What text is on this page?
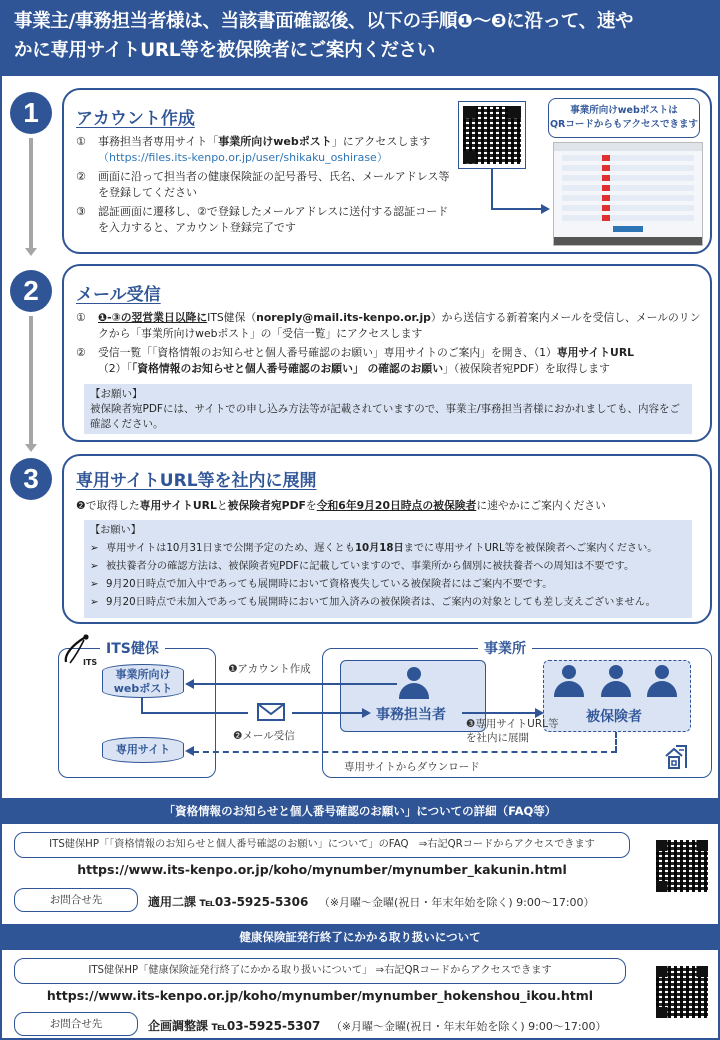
事業主/事務担当者様は、当該書面確認後、以下の手順❶～❸に沿って、速や
かに専用サイトURL等を被保険者にご案内ください
1
2
3
アカウント作成
①	事務担当者専用サイト「事業所向けwebポスト」にアクセスします
（https://files.its-kenpo.or.jp/user/shikaku_oshirase）
②	画面に沿って担当者の健康保険証の記号番号、氏名、メールアドレス等を登録してください
③	認証画面に遷移し、②で登録したメールアドレスに送付する認証コードを入力すると、アカウント登録完了です
事業所向けwebポストは
QRコードからもアクセスできます
メール受信
①	❶-③の翌営業日以降にITS健保（noreply@mail.its-kenpo.or.jp）から送信する新着案内メールを受信し、メールのリンクから「事業所向けwebポスト」の「受信一覧」にアクセスします
②	受信一覧「「資格情報のお知らせと個人番号確認のお願い」専用サイトのご案内」を開き、（1）専用サイトURL
（2）「「資格情報のお知らせと個人番号確認のお願い」 の確認のお願い」（被保険者宛PDF）を取得します
【お願い】
被保険者宛PDFには、サイトでの申し込み方法等が記載されていますので、事業主/事務担当者様におかれましても、内容をご確認ください。
専用サイトURL等を社内に展開
❷で取得した専用サイトURLと被保険者宛PDFを令和6年9月20日時点の被保険者に速やかにご案内ください
【お願い】
➢ 専用サイトは10月31日まで公開予定のため、遅くとも10月18日までに専用サイトURL等を被保険者へご案内ください。
➢ 被扶養者分の確認方法は、被保険者宛PDFに記載していますので、事業所から個別に被扶養者への周知は不要です。
➢ 9月20日時点で加入中であっても展開時において資格喪失している被保険者にはご案内不要です。
➢ 9月20日時点で未加入であっても展開時において加入済みの被保険者は、ご案内の対象としても差し支えございません。
ITS
ITS健保
事業所向け
webポスト
専用サイト
事業所
事務担当者	被保険者
❶アカウント作成
❷メール受信
❸専用サイトURL等
を社内に展開
専用サイトからダウンロード
「資格情報のお知らせと個人番号確認のお願い」についての詳細（FAQ等）
ITS健保HP「「資格情報のお知らせと個人番号確認のお願い」について」のFAQ　⇒右記QRコードからアクセスできます
https://www.its-kenpo.or.jp/koho/mynumber/mynumber_kakunin.html
お問合せ先	適用二課 ℡03-5925-5306 （※月曜～金曜(祝日・年末年始を除く) 9:00～17:00）
健康保険証発行終了にかかる取り扱いについて
ITS健保HP「健康保険証発行終了にかかる取り扱いについて」 ⇒右記QRコードからアクセスできます
https://www.its-kenpo.or.jp/koho/mynumber/mynumber_hokenshou_ikou.html
お問合せ先	企画調整課 ℡03-5925-5307 （※月曜～金曜(祝日・年末年始を除く) 9:00～17:00）
